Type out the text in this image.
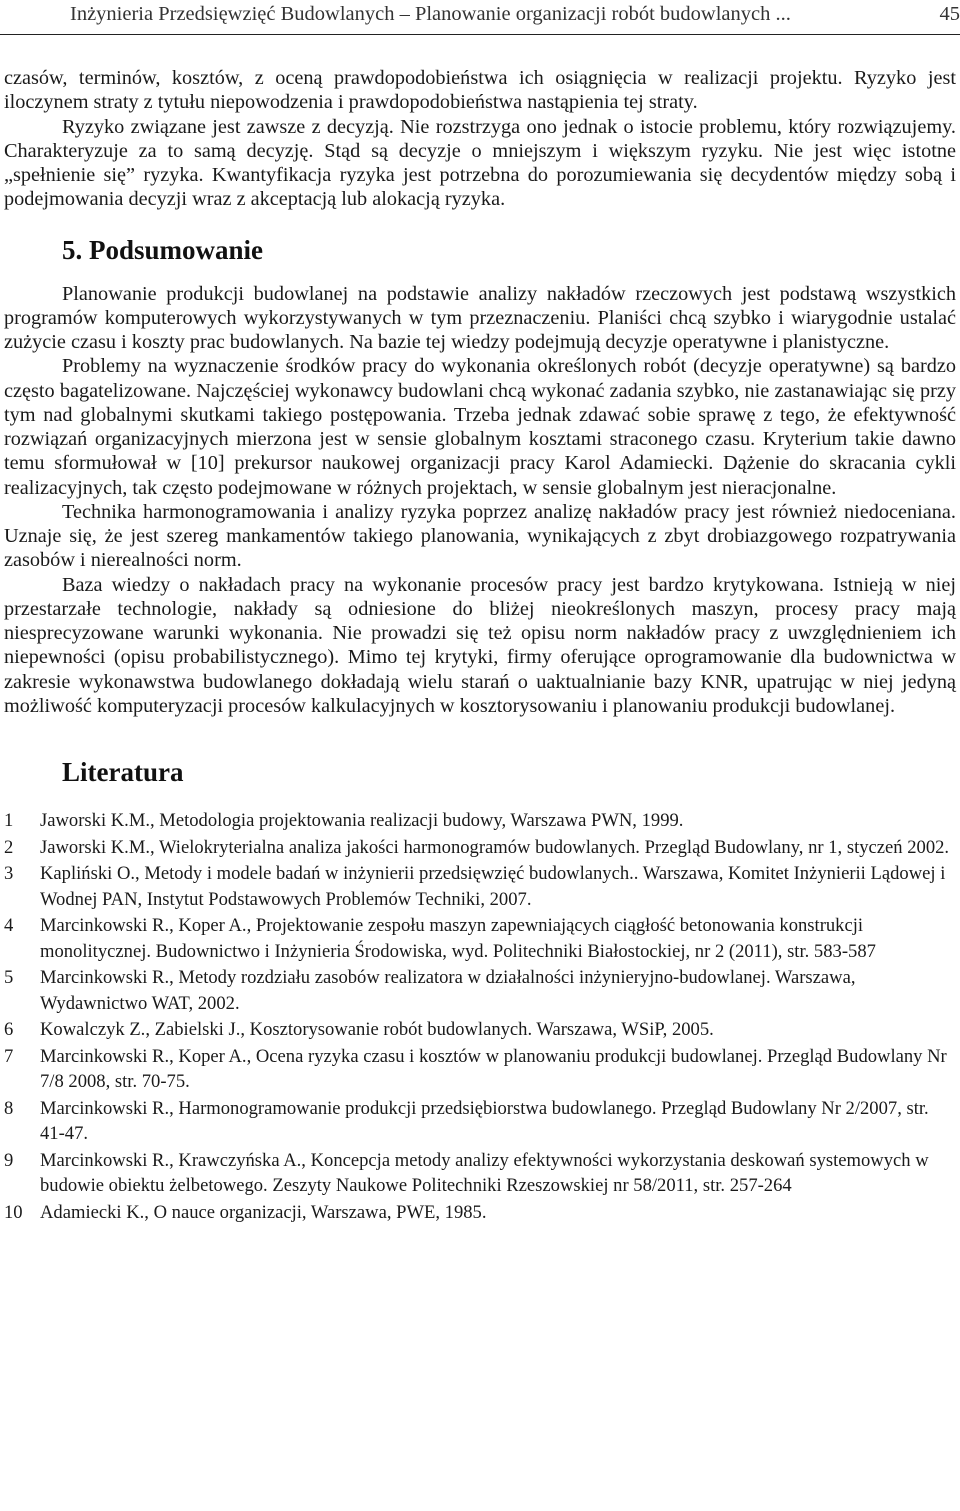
Inżynieria Przedsięwzięć Budowlanych – Planowanie organizacji robót budowlanych ...	45

czasów, terminów, kosztów, z oceną prawdopodobieństwa ich osiągnięcia w realizacji projektu. Ryzyko jest iloczynem straty z tytułu niepowodzenia i prawdopodobieństwa nastąpienia tej straty.

Ryzyko związane jest zawsze z decyzją. Nie rozstrzyga ono jednak o istocie problemu, który rozwiązujemy. Charakteryzuje za to samą decyzję. Stąd są decyzje o mniejszym i większym ryzyku. Nie jest więc istotne „spełnienie się” ryzyka. Kwantyfikacja ryzyka jest potrzebna do porozumiewania się decydentów między sobą i podejmowania decyzji wraz z akceptacją lub alokacją ryzyka.

5. Podsumowanie

Planowanie produkcji budowlanej na podstawie analizy nakładów rzeczowych jest podstawą wszystkich programów komputerowych wykorzystywanych w tym przeznaczeniu. Planiści chcą szybko i wiarygodnie ustalać zużycie czasu i koszty prac budowlanych. Na bazie tej wiedzy podejmują decyzje operatywne i planistyczne.

Problemy na wyznaczenie środków pracy do wykonania określonych robót (decyzje operatywne) są bardzo często bagatelizowane. Najczęściej wykonawcy budowlani chcą wykonać zadania szybko, nie zastanawiając się przy tym nad globalnymi skutkami takiego postępowania. Trzeba jednak zdawać sobie sprawę z tego, że efektywność rozwiązań organizacyjnych mierzona jest w sensie globalnym kosztami straconego czasu. Kryterium takie dawno temu sformułował w [10] prekursor naukowej organizacji pracy Karol Adamiecki. Dążenie do skracania cykli realizacyjnych, tak często podejmowane w różnych projektach, w sensie globalnym jest nieracjonalne.

Technika harmonogramowania i analizy ryzyka poprzez analizę nakładów pracy jest również niedoceniana. Uznaje się, że jest szereg mankamentów takiego planowania, wynikających z zbyt drobiazgowego rozpatrywania zasobów i nierealności norm.

Baza wiedzy o nakładach pracy na wykonanie procesów pracy jest bardzo krytykowana. Istnieją w niej przestarzałe technologie, nakłady są odniesione do bliżej nieokreślonych maszyn, procesy pracy mają niesprecyzowane warunki wykonania. Nie prowadzi się też opisu norm nakładów pracy z uwzględnieniem ich niepewności (opisu probabilistycznego). Mimo tej krytyki, firmy oferujące oprogramowanie dla budownictwa w zakresie wykonawstwa budowlanego dokładają wielu starań o uaktualnianie bazy KNR, upatrując w niej jedyną możliwość komputeryzacji procesów kalkulacyjnych w kosztorysowaniu i planowaniu produkcji budowlanej.

Literatura
1 Jaworski K.M., Metodologia projektowania realizacji budowy, Warszawa PWN, 1999.
2 Jaworski K.M., Wielokryterialna analiza jakości harmonogramów budowlanych. Przegląd Budowlany, nr 1, styczeń 2002.
3 Kapliński O., Metody i modele badań w inżynierii przedsięwzięć budowlanych.. Warszawa, Komitet Inżynierii Lądowej i Wodnej PAN, Instytut Podstawowych Problemów Techniki, 2007.
4 Marcinkowski R., Koper A., Projektowanie zespołu maszyn zapewniających ciągłość betonowania konstrukcji monolitycznej. Budownictwo i Inżynieria Środowiska, wyd. Politechniki Białostockiej, nr 2 (2011), str. 583-587
5 Marcinkowski R., Metody rozdziału zasobów realizatora w działalności inżynieryjno-budowlanej. Warszawa, Wydawnictwo WAT, 2002.
6 Kowalczyk Z., Zabielski J., Kosztorysowanie robót budowlanych. Warszawa, WSiP, 2005.
7 Marcinkowski R., Koper A., Ocena ryzyka czasu i kosztów w planowaniu produkcji budowlanej. Przegląd Budowlany Nr 7/8 2008, str. 70-75.
8 Marcinkowski R., Harmonogramowanie produkcji przedsiębiorstwa budowlanego. Przegląd Budowlany Nr 2/2007, str. 41-47.
9 Marcinkowski R., Krawczyńska A., Koncepcja metody analizy efektywności wykorzystania deskowań systemowych w budowie obiektu żelbetowego. Zeszyty Naukowe Politechniki Rzeszowskiej nr 58/2011, str. 257-264
10 Adamiecki K., O nauce organizacji, Warszawa, PWE, 1985.
